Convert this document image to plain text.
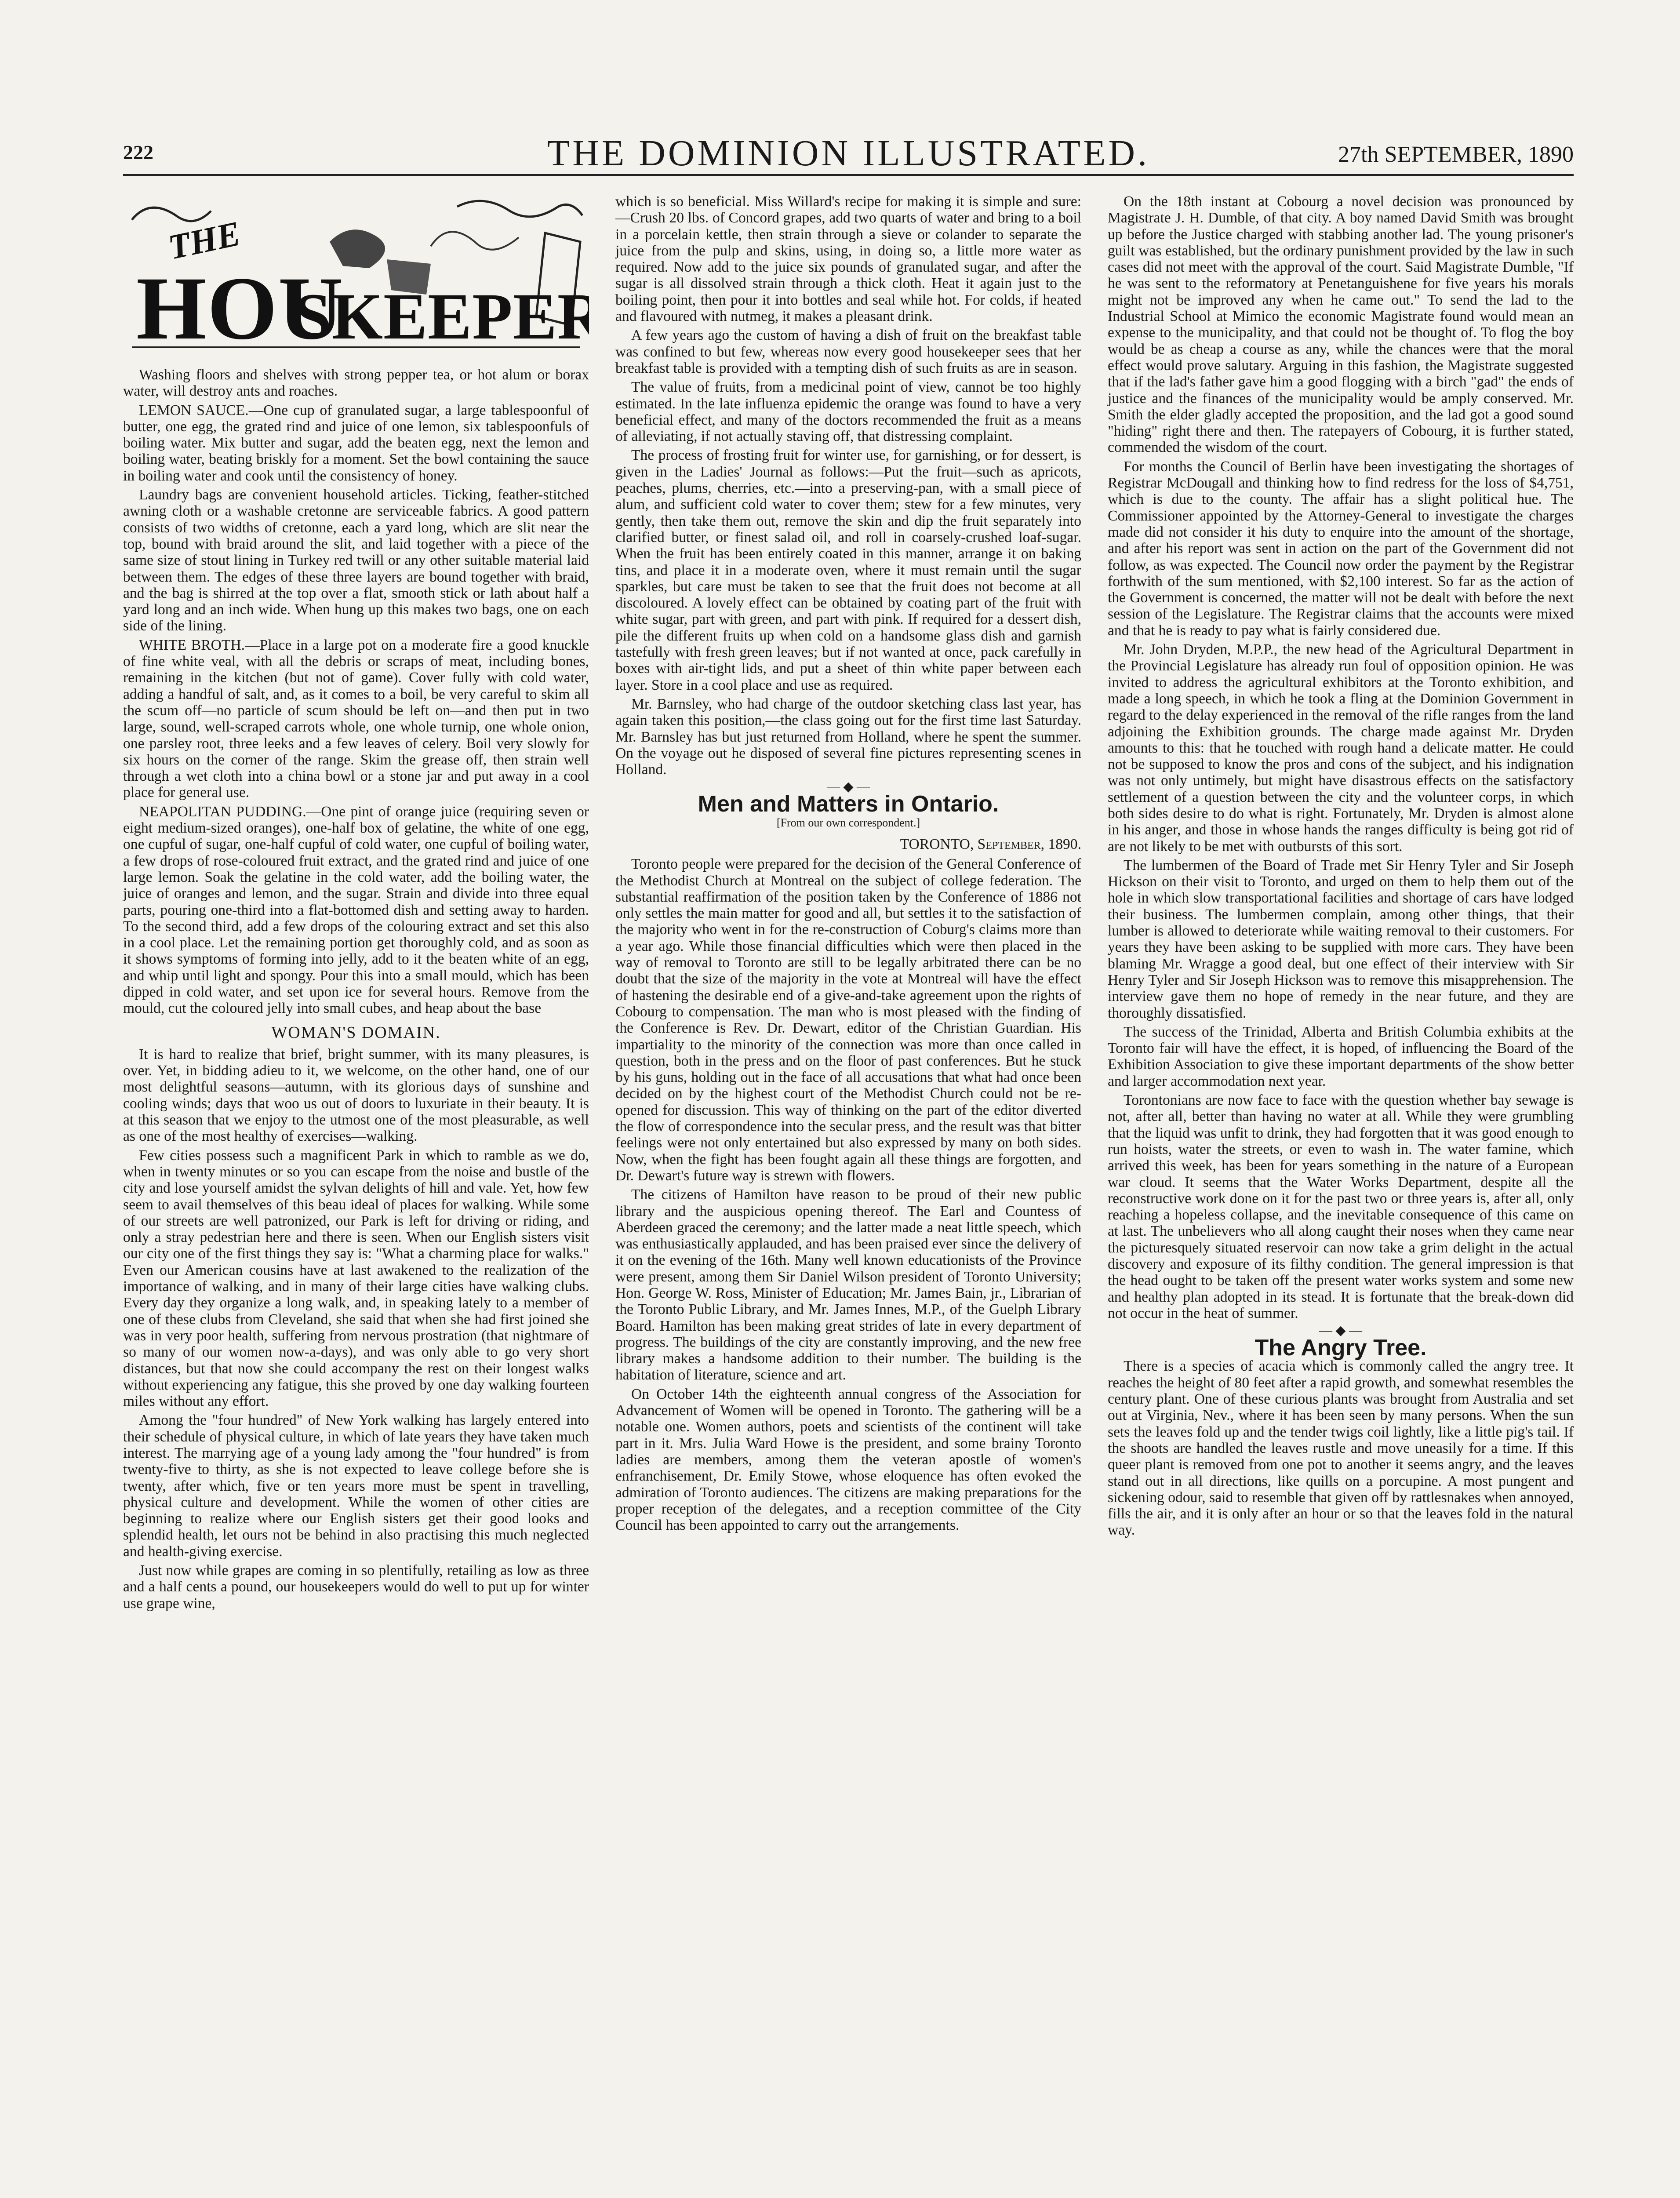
222	THE DOMINION ILLUSTRATED.	27th SEPTEMBER, 1890
THE
HOU
SKEEPER

Washing floors and shelves with strong pepper tea, or hot alum or borax water, will destroy ants and roaches.

LEMON SAUCE.—One cup of granulated sugar, a large tablespoonful of butter, one egg, the grated rind and juice of one lemon, six tablespoonfuls of boiling water. Mix butter and sugar, add the beaten egg, next the lemon and boiling water, beating briskly for a moment. Set the bowl containing the sauce in boiling water and cook until the consistency of honey.

Laundry bags are convenient household articles. Ticking, feather-stitched awning cloth or a washable cretonne are serviceable fabrics. A good pattern consists of two widths of cretonne, each a yard long, which are slit near the top, bound with braid around the slit, and laid together with a piece of the same size of stout lining in Turkey red twill or any other suitable material laid between them. The edges of these three layers are bound together with braid, and the bag is shirred at the top over a flat, smooth stick or lath about half a yard long and an inch wide. When hung up this makes two bags, one on each side of the lining.

WHITE BROTH.—Place in a large pot on a moderate fire a good knuckle of fine white veal, with all the debris or scraps of meat, including bones, remaining in the kitchen (but not of game). Cover fully with cold water, adding a handful of salt, and, as it comes to a boil, be very careful to skim all the scum off—no particle of scum should be left on—and then put in two large, sound, well-scraped carrots whole, one whole turnip, one whole onion, one parsley root, three leeks and a few leaves of celery. Boil very slowly for six hours on the corner of the range. Skim the grease off, then strain well through a wet cloth into a china bowl or a stone jar and put away in a cool place for general use.

NEAPOLITAN PUDDING.—One pint of orange juice (requiring seven or eight medium-sized oranges), one-half box of gelatine, the white of one egg, one cupful of sugar, one-half cupful of cold water, one cupful of boiling water, a few drops of rose-coloured fruit extract, and the grated rind and juice of one large lemon. Soak the gelatine in the cold water, add the boiling water, the juice of oranges and lemon, and the sugar. Strain and divide into three equal parts, pouring one-third into a flat-bottomed dish and setting away to harden. To the second third, add a few drops of the colouring extract and set this also in a cool place. Let the remaining portion get thoroughly cold, and as soon as it shows symptoms of forming into jelly, add to it the beaten white of an egg, and whip until light and spongy. Pour this into a small mould, which has been dipped in cold water, and set upon ice for several hours. Remove from the mould, cut the coloured jelly into small cubes, and heap about the base

WOMAN'S DOMAIN.

It is hard to realize that brief, bright summer, with its many pleasures, is over. Yet, in bidding adieu to it, we welcome, on the other hand, one of our most delightful seasons—autumn, with its glorious days of sunshine and cooling winds; days that woo us out of doors to luxuriate in their beauty. It is at this season that we enjoy to the utmost one of the most pleasurable, as well as one of the most healthy of exercises—walking.

Few cities possess such a magnificent Park in which to ramble as we do, when in twenty minutes or so you can escape from the noise and bustle of the city and lose yourself amidst the sylvan delights of hill and vale. Yet, how few seem to avail themselves of this beau ideal of places for walking. While some of our streets are well patronized, our Park is left for driving or riding, and only a stray pedestrian here and there is seen. When our English sisters visit our city one of the first things they say is: "What a charming place for walks." Even our American cousins have at last awakened to the realization of the importance of walking, and in many of their large cities have walking clubs. Every day they organize a long walk, and, in speaking lately to a member of one of these clubs from Cleveland, she said that when she had first joined she was in very poor health, suffering from nervous prostration (that nightmare of so many of our women now-a-days), and was only able to go very short distances, but that now she could accompany the rest on their longest walks without experiencing any fatigue, this she proved by one day walking fourteen miles without any effort.

Among the "four hundred" of New York walking has largely entered into their schedule of physical culture, in which of late years they have taken much interest. The marrying age of a young lady among the "four hundred" is from twenty-five to thirty, as she is not expected to leave college before she is twenty, after which, five or ten years more must be spent in travelling, physical culture and development. While the women of other cities are beginning to realize where our English sisters get their good looks and splendid health, let ours not be behind in also practising this much neglected and health-giving exercise.

Just now while grapes are coming in so plentifully, retailing as low as three and a half cents a pound, our housekeepers would do well to put up for winter use grape wine,

which is so beneficial. Miss Willard's recipe for making it is simple and sure:—Crush 20 lbs. of Concord grapes, add two quarts of water and bring to a boil in a porcelain kettle, then strain through a sieve or colander to separate the juice from the pulp and skins, using, in doing so, a little more water as required. Now add to the juice six pounds of granulated sugar, and after the sugar is all dissolved strain through a thick cloth. Heat it again just to the boiling point, then pour it into bottles and seal while hot. For colds, if heated and flavoured with nutmeg, it makes a pleasant drink.

A few years ago the custom of having a dish of fruit on the breakfast table was confined to but few, whereas now every good housekeeper sees that her breakfast table is provided with a tempting dish of such fruits as are in season.

The value of fruits, from a medicinal point of view, cannot be too highly estimated. In the late influenza epidemic the orange was found to have a very beneficial effect, and many of the doctors recommended the fruit as a means of alleviating, if not actually staving off, that distressing complaint.

The process of frosting fruit for winter use, for garnishing, or for dessert, is given in the Ladies' Journal as follows:—Put the fruit—such as apricots, peaches, plums, cherries, etc.—into a preserving-pan, with a small piece of alum, and sufficient cold water to cover them; stew for a few minutes, very gently, then take them out, remove the skin and dip the fruit separately into clarified butter, or finest salad oil, and roll in coarsely-crushed loaf-sugar. When the fruit has been entirely coated in this manner, arrange it on baking tins, and place it in a moderate oven, where it must remain until the sugar sparkles, but care must be taken to see that the fruit does not become at all discoloured. A lovely effect can be obtained by coating part of the fruit with white sugar, part with green, and part with pink. If required for a dessert dish, pile the different fruits up when cold on a handsome glass dish and garnish tastefully with fresh green leaves; but if not wanted at once, pack carefully in boxes with air-tight lids, and put a sheet of thin white paper between each layer. Store in a cool place and use as required.

Mr. Barnsley, who had charge of the outdoor sketching class last year, has again taken this position,—the class going out for the first time last Saturday. Mr. Barnsley has but just returned from Holland, where he spent the summer. On the voyage out he disposed of several fine pictures representing scenes in Holland.

— ◆ —
Men and Matters in Ontario.
[From our own correspondent.]
TORONTO, September, 1890.

Toronto people were prepared for the decision of the General Conference of the Methodist Church at Montreal on the subject of college federation. The substantial reaffirmation of the position taken by the Conference of 1886 not only settles the main matter for good and all, but settles it to the satisfaction of the majority who went in for the re-construction of Coburg's claims more than a year ago. While those financial difficulties which were then placed in the way of removal to Toronto are still to be legally arbitrated there can be no doubt that the size of the majority in the vote at Montreal will have the effect of hastening the desirable end of a give-and-take agreement upon the rights of Cobourg to compensation. The man who is most pleased with the finding of the Conference is Rev. Dr. Dewart, editor of the Christian Guardian. His impartiality to the minority of the connection was more than once called in question, both in the press and on the floor of past conferences. But he stuck by his guns, holding out in the face of all accusations that what had once been decided on by the highest court of the Methodist Church could not be re-opened for discussion. This way of thinking on the part of the editor diverted the flow of correspondence into the secular press, and the result was that bitter feelings were not only entertained but also expressed by many on both sides. Now, when the fight has been fought again all these things are forgotten, and Dr. Dewart's future way is strewn with flowers.

The citizens of Hamilton have reason to be proud of their new public library and the auspicious opening thereof. The Earl and Countess of Aberdeen graced the ceremony; and the latter made a neat little speech, which was enthusiastically applauded, and has been praised ever since the delivery of it on the evening of the 16th. Many well known educationists of the Province were present, among them Sir Daniel Wilson president of Toronto University; Hon. George W. Ross, Minister of Education; Mr. James Bain, jr., Librarian of the Toronto Public Library, and Mr. James Innes, M.P., of the Guelph Library Board. Hamilton has been making great strides of late in every department of progress. The buildings of the city are constantly improving, and the new free library makes a handsome addition to their number. The building is the habitation of literature, science and art.

On October 14th the eighteenth annual congress of the Association for Advancement of Women will be opened in Toronto. The gathering will be a notable one. Women authors, poets and scientists of the continent will take part in it. Mrs. Julia Ward Howe is the president, and some brainy Toronto ladies are members, among them the veteran apostle of women's enfranchisement, Dr. Emily Stowe, whose eloquence has often evoked the admiration of Toronto audiences. The citizens are making preparations for the proper reception of the delegates, and a reception committee of the City Council has been appointed to carry out the arrangements.

On the 18th instant at Cobourg a novel decision was pronounced by Magistrate J. H. Dumble, of that city. A boy named David Smith was brought up before the Justice charged with stabbing another lad. The young prisoner's guilt was established, but the ordinary punishment provided by the law in such cases did not meet with the approval of the court. Said Magistrate Dumble, "If he was sent to the reformatory at Penetanguishene for five years his morals might not be improved any when he came out." To send the lad to the Industrial School at Mimico the economic Magistrate found would mean an expense to the municipality, and that could not be thought of. To flog the boy would be as cheap a course as any, while the chances were that the moral effect would prove salutary. Arguing in this fashion, the Magistrate suggested that if the lad's father gave him a good flogging with a birch "gad" the ends of justice and the finances of the municipality would be amply conserved. Mr. Smith the elder gladly accepted the proposition, and the lad got a good sound "hiding" right there and then. The ratepayers of Cobourg, it is further stated, commended the wisdom of the court.

For months the Council of Berlin have been investigating the shortages of Registrar McDougall and thinking how to find redress for the loss of $4,751, which is due to the county. The affair has a slight political hue. The Commissioner appointed by the Attorney-General to investigate the charges made did not consider it his duty to enquire into the amount of the shortage, and after his report was sent in action on the part of the Government did not follow, as was expected. The Council now order the payment by the Registrar forthwith of the sum mentioned, with $2,100 interest. So far as the action of the Government is concerned, the matter will not be dealt with before the next session of the Legislature. The Registrar claims that the accounts were mixed and that he is ready to pay what is fairly considered due.

Mr. John Dryden, M.P.P., the new head of the Agricultural Department in the Provincial Legislature has already run foul of opposition opinion. He was invited to address the agricultural exhibitors at the Toronto exhibition, and made a long speech, in which he took a fling at the Dominion Government in regard to the delay experienced in the removal of the rifle ranges from the land adjoining the Exhibition grounds. The charge made against Mr. Dryden amounts to this: that he touched with rough hand a delicate matter. He could not be supposed to know the pros and cons of the subject, and his indignation was not only untimely, but might have disastrous effects on the satisfactory settlement of a question between the city and the volunteer corps, in which both sides desire to do what is right. Fortunately, Mr. Dryden is almost alone in his anger, and those in whose hands the ranges difficulty is being got rid of are not likely to be met with outbursts of this sort.

The lumbermen of the Board of Trade met Sir Henry Tyler and Sir Joseph Hickson on their visit to Toronto, and urged on them to help them out of the hole in which slow transportational facilities and shortage of cars have lodged their business. The lumbermen complain, among other things, that their lumber is allowed to deteriorate while waiting removal to their customers. For years they have been asking to be supplied with more cars. They have been blaming Mr. Wragge a good deal, but one effect of their interview with Sir Henry Tyler and Sir Joseph Hickson was to remove this misapprehension. The interview gave them no hope of remedy in the near future, and they are thoroughly dissatisfied.

The success of the Trinidad, Alberta and British Columbia exhibits at the Toronto fair will have the effect, it is hoped, of influencing the Board of the Exhibition Association to give these important departments of the show better and larger accommodation next year.

Torontonians are now face to face with the question whether bay sewage is not, after all, better than having no water at all. While they were grumbling that the liquid was unfit to drink, they had forgotten that it was good enough to run hoists, water the streets, or even to wash in. The water famine, which arrived this week, has been for years something in the nature of a European war cloud. It seems that the Water Works Department, despite all the reconstructive work done on it for the past two or three years is, after all, only reaching a hopeless collapse, and the inevitable consequence of this came on at last. The unbelievers who all along caught their noses when they came near the picturesquely situated reservoir can now take a grim delight in the actual discovery and exposure of its filthy condition. The general impression is that the head ought to be taken off the present water works system and some new and healthy plan adopted in its stead. It is fortunate that the break-down did not occur in the heat of summer.

— ◆ —
The Angry Tree.

There is a species of acacia which is commonly called the angry tree. It reaches the height of 80 feet after a rapid growth, and somewhat resembles the century plant. One of these curious plants was brought from Australia and set out at Virginia, Nev., where it has been seen by many persons. When the sun sets the leaves fold up and the tender twigs coil lightly, like a little pig's tail. If the shoots are handled the leaves rustle and move uneasily for a time. If this queer plant is removed from one pot to another it seems angry, and the leaves stand out in all directions, like quills on a porcupine. A most pungent and sickening odour, said to resemble that given off by rattlesnakes when annoyed, fills the air, and it is only after an hour or so that the leaves fold in the natural way.
